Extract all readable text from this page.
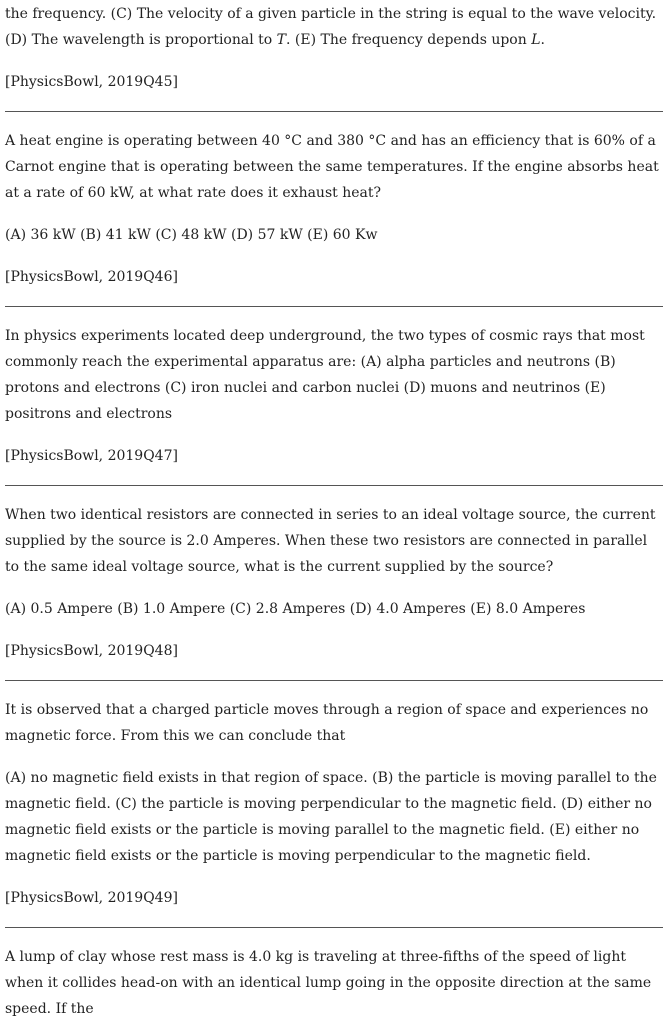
the frequency. (C) The velocity of a given particle in the string is equal to the wave velocity. (D) The wavelength is proportional to T. (E) The frequency depends upon L.

[PhysicsBowl, 2019Q45]

A heat engine is operating between 40 °C and 380 °C and has an efficiency that is 60% of a Carnot engine that is operating between the same temperatures. If the engine absorbs heat at a rate of 60 kW, at what rate does it exhaust heat?

(A) 36 kW (B) 41 kW (C) 48 kW (D) 57 kW (E) 60 Kw

[PhysicsBowl, 2019Q46]

In physics experiments located deep underground, the two types of cosmic rays that most commonly reach the experimental apparatus are: (A) alpha particles and neutrons (B) protons and electrons (C) iron nuclei and carbon nuclei (D) muons and neutrinos (E) positrons and electrons

[PhysicsBowl, 2019Q47]

When two identical resistors are connected in series to an ideal voltage source, the current supplied by the source is 2.0 Amperes. When these two resistors are connected in parallel to the same ideal voltage source, what is the current supplied by the source?

(A) 0.5 Ampere (B) 1.0 Ampere (C) 2.8 Amperes (D) 4.0 Amperes (E) 8.0 Amperes

[PhysicsBowl, 2019Q48]

It is observed that a charged particle moves through a region of space and experiences no magnetic force. From this we can conclude that

(A) no magnetic field exists in that region of space. (B) the particle is moving parallel to the magnetic field. (C) the particle is moving perpendicular to the magnetic field. (D) either no magnetic field exists or the particle is moving parallel to the magnetic field. (E) either no magnetic field exists or the particle is moving perpendicular to the magnetic field.

[PhysicsBowl, 2019Q49]

A lump of clay whose rest mass is 4.0 kg is traveling at three-fifths of the speed of light when it collides head-on with an identical lump going in the opposite direction at the same speed. If the
